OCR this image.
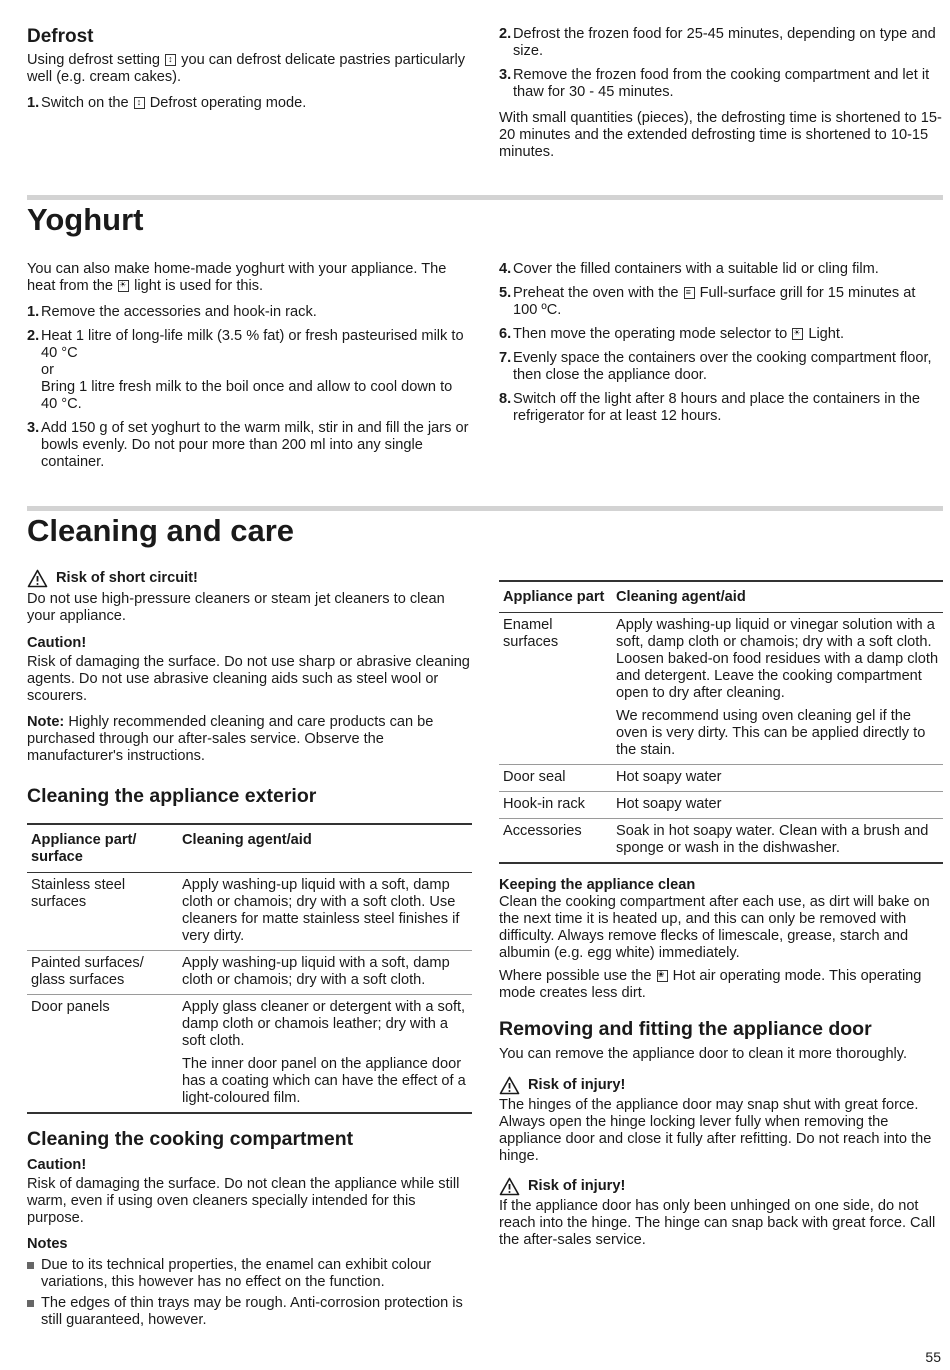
Defrost

Using defrost setting ↕ you can defrost delicate pastries particularly well (e.g. cream cakes).

1. Switch on the ↕ Defrost operating mode.
2. Defrost the frozen food for 25-45 minutes, depending on type and size.
3. Remove the frozen food from the cooking compartment and let it thaw for 30 - 45 minutes.

With small quantities (pieces), the defrosting time is shortened to 15-20 minutes and the extended defrosting time is shortened to 10-15 minutes.

Yoghurt

You can also make home-made yoghurt with your appliance. The heat from the ☀ light is used for this.

1. Remove the accessories and hook-in rack.
2. Heat 1 litre of long-life milk (3.5 % fat) or fresh pasteurised milk to 40 °C
or
Bring 1 litre fresh milk to the boil once and allow to cool down to 40 °C.
3. Add 150 g of set yoghurt to the warm milk, stir in and fill the jars or bowls evenly. Do not pour more than 200 ml into any single container.
4. Cover the filled containers with a suitable lid or cling film.
5. Preheat the oven with the ≡ Full-surface grill for 15 minutes at 100 ºC.
6. Then move the operating mode selector to ☀ Light.
7. Evenly space the containers over the cooking compartment floor, then close the appliance door.
8. Switch off the light after 8 hours and place the containers in the refrigerator for at least 12 hours.
Cleaning and care
Risk of short circuit!

Do not use high-pressure cleaners or steam jet cleaners to clean your appliance.

Caution!

Risk of damaging the surface. Do not use sharp or abrasive cleaning agents. Do not use abrasive cleaning aids such as steel wool or scourers.

Note: Highly recommended cleaning and care products can be purchased through our after-sales service. Observe the manufacturer's instructions.

Cleaning the appliance exterior
Appliance part/ surface	Cleaning agent/aid
Stainless steel surfaces	Apply washing-up liquid with a soft, damp cloth or chamois; dry with a soft cloth. Use cleaners for matte stainless steel finishes if very dirty.
Painted surfaces/ glass surfaces	Apply washing-up liquid with a soft, damp cloth or chamois; dry with a soft cloth.
Door panels	Apply glass cleaner or detergent with a soft, damp cloth or chamois leather; dry with a soft cloth.

The inner door panel on the appliance door has a coating which can have the effect of a light-coloured film.

Cleaning the cooking compartment

Caution!

Risk of damaging the surface. Do not clean the appliance while still warm, even if using oven cleaners specially intended for this purpose.

Notes

Due to its technical properties, the enamel can exhibit colour variations, this however has no effect on the function.
The edges of thin trays may be rough. Anti-corrosion protection is still guaranteed, however.
Appliance part	Cleaning agent/aid
Enamel surfaces	Apply washing-up liquid or vinegar solution with a soft, damp cloth or chamois; dry with a soft cloth. Loosen baked-on food residues with a damp cloth and detergent. Leave the cooking compartment open to dry after cleaning.

We recommend using oven cleaning gel if the oven is very dirty. This can be applied directly to the stain.

Door seal	Hot soapy water
Hook-in rack	Hot soapy water
Accessories	Soak in hot soapy water. Clean with a brush and sponge or wash in the dishwasher.

Keeping the appliance clean

Clean the cooking compartment after each use, as dirt will bake on the next time it is heated up, and this can only be removed with difficulty. Always remove flecks of limescale, grease, starch and albumin (e.g. egg white) immediately.

Where possible use the ❀ Hot air operating mode. This operating mode creates less dirt.

Removing and fitting the appliance door

You can remove the appliance door to clean it more thoroughly.

Risk of injury!

The hinges of the appliance door may snap shut with great force. Always open the hinge locking lever fully when removing the appliance door and close it fully after refitting. Do not reach into the hinge.

Risk of injury!

If the appliance door has only been unhinged on one side, do not reach into the hinge. The hinge can snap back with great force. Call the after-sales service.

55
